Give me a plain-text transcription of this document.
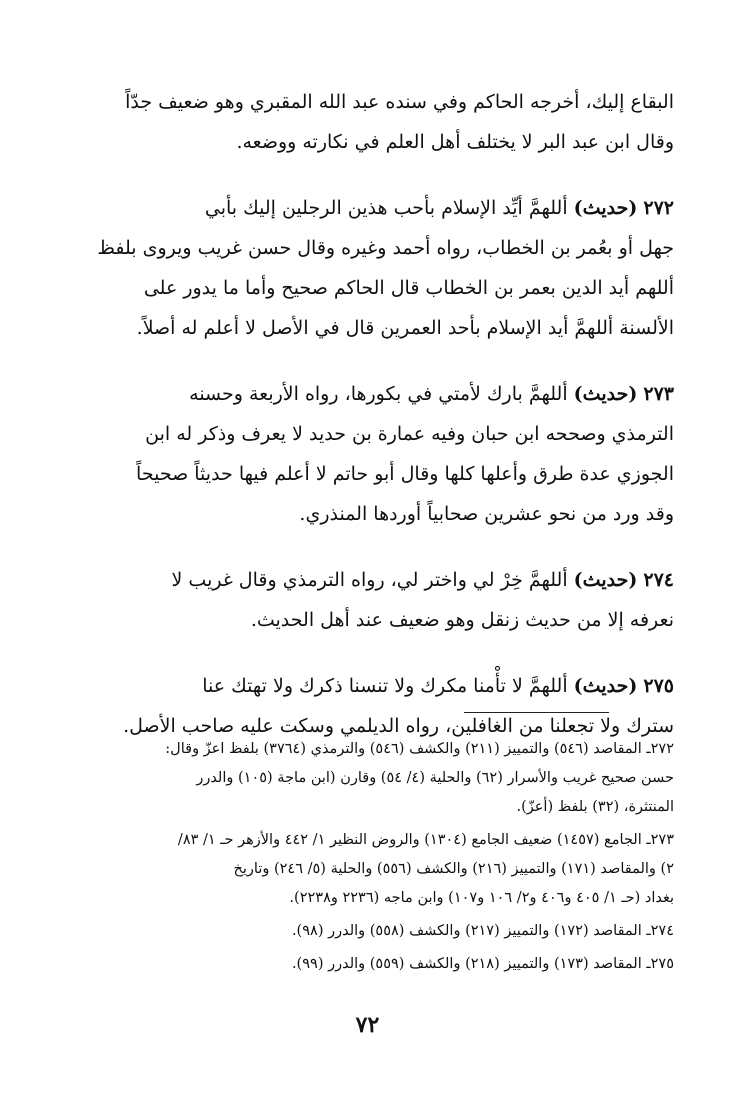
البقاع إليك، أخرجه الحاكم وفي سنده عبد الله المقبري وهو ضعيف جدّاً
وقال ابن عبد البر لا يختلف أهل العلم في نكارته ووضعه.

٢٧٢ (حديث) أللهمَّ أيِّد الإسلام بأحب هذين الرجلين إليك بأبي
جهل أو بعُمر بن الخطاب، رواه أحمد وغيره وقال حسن غريب ويروى بلفظ
أللهم أيد الدين بعمر بن الخطاب قال الحاكم صحيح وأما ما يدور على
الألسنة أللهمَّ أيد الإسلام بأحد العمرين قال في الأصل لا أعلم له أصلاً.

٢٧٣ (حديث) أللهمَّ بارك لأمتي في بكورها، رواه الأربعة وحسنه
الترمذي وصححه ابن حبان وفيه عمارة بن حديد لا يعرف وذكر له ابن
الجوزي عدة طرق وأعلها كلها وقال أبو حاتم لا أعلم فيها حديثاً صحيحاً
وقد ورد من نحو عشرين صحابياً أوردها المنذري.

٢٧٤ (حديث) أللهمَّ خِرْ لي واختر لي، رواه الترمذي وقال غريب لا
نعرفه إلا من حديث زنقل وهو ضعيف عند أهل الحديث.

٢٧٥ (حديث) أللهمَّ لا تأْمنا مكرك ولا تنسنا ذكرك ولا تهتك عنا
سترك ولا تجعلنا من الغافلين، رواه الديلمي وسكت عليه صاحب الأصل.

٢٧٢ـ المقاصد (٥٤٦) والتمييز (٢١١) والكشف (٥٤٦) والترمذي (٣٧٦٤) بلفظ اعزّ وقال:
حسن صحيح غريب والأسرار (٦٢) والحلية (٤/ ٥٤) وقارن (ابن ماجة (١٠٥) والدرر
المنتثرة، (٣٢) بلفظ (أعزّ).

٢٧٣ـ الجامع (١٤٥٧) ضعيف الجامع (١٣٠٤) والروض النظير ١/ ٤٤٢ والأزهر حـ ١/ ٨٣/
٢) والمقاصد (١٧١) والتمييز (٢١٦) والكشف (٥٥٦) والحلية (٥/ ٢٤٦) وتاريخ
بغداد (حـ ١/ ٤٠٥ و٤٠٦ و٢/ ١٠٦ و١٠٧) وابن ماجه (٢٢٣٦ و٢٢٣٨).

٢٧٤ـ المقاصد (١٧٢) والتمييز (٢١٧) والكشف (٥٥٨) والدرر (٩٨).

٢٧٥ـ المقاصد (١٧٣) والتمييز (٢١٨) والكشف (٥٥٩) والدرر (٩٩).

٧٢
